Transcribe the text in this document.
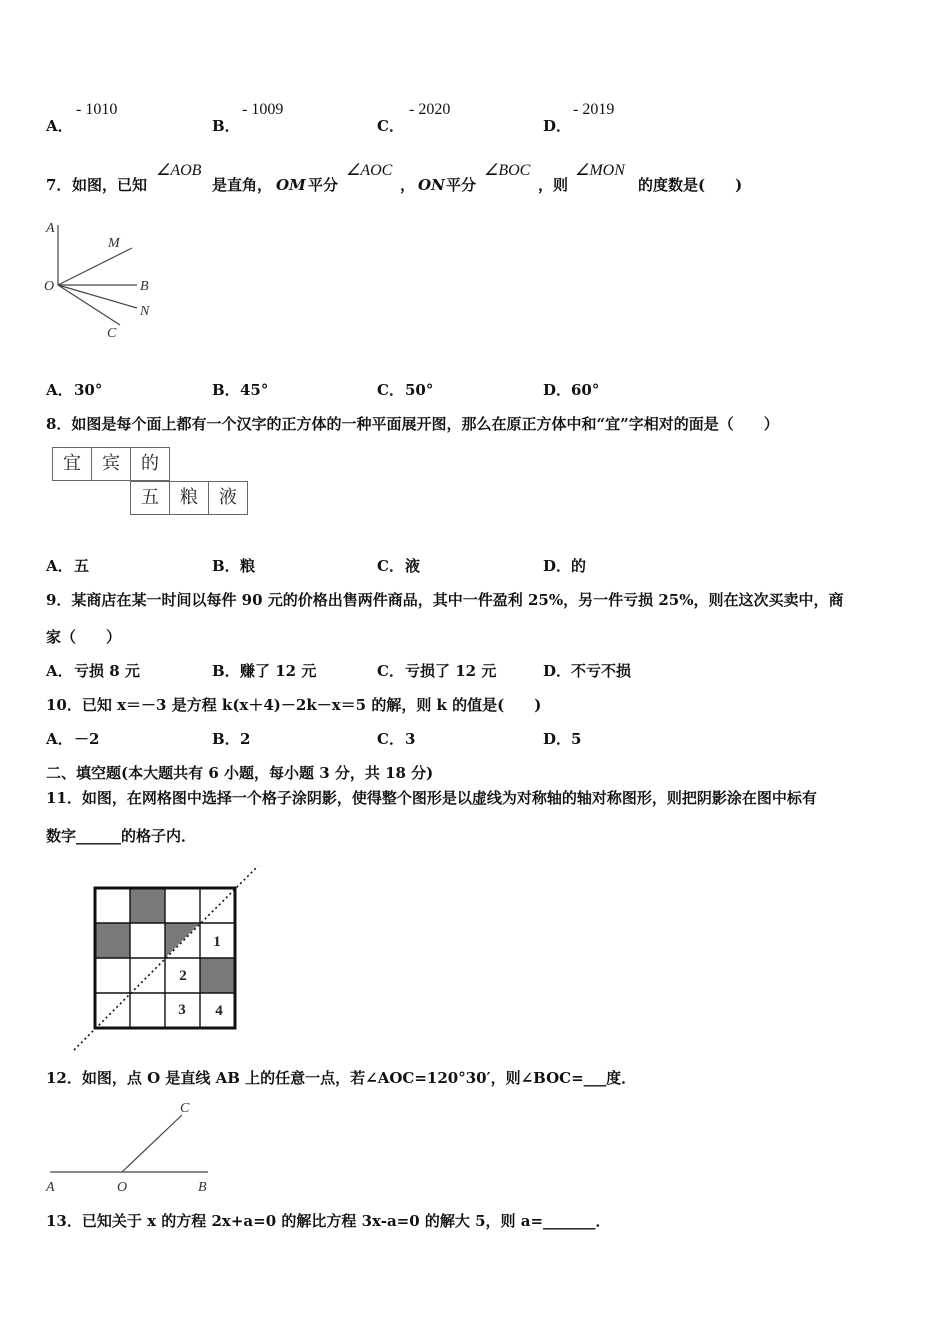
A．
- 1010
B．
- 1009
C．
- 2020
D．
- 2019
7． 如图，已知
∠AOB
是直角， OM 平分
∠AOC
， ON 平分
∠BOC
，则
∠MON
的度数是(　　)
A
M
O	B
N
C
A． 30°	B． 45°	C． 50°	D． 60°
8．如图是每个面上都有一个汉字的正方体的一种平面展开图，那么在原正方体中和“宜”字相对的面是（　　）
宜	宾	的
五	粮	液
A． 五	B． 粮	C． 液	D． 的
9．某商店在某一时间以每件 90 元的价格出售两件商品，其中一件盈利 25%，另一件亏损 25%，则在这次买卖中，商
家（　　）
A． 亏损 8 元	B． 赚了 12 元	C． 亏损了 12 元	D． 不亏不损
10．已知 x＝－3 是方程 k(x＋4)－2k－x＝5 的解，则 k 的值是(　　)
A． －2	B． 2	C． 3	D． 5
二、填空题(本大题共有 6 小题，每小题 3 分，共 18 分)
11．如图，在网格图中选择一个格子涂阴影，使得整个图形是以虚线为对称轴的轴对称图形，则把阴影涂在图中标有
数字______的格子内．
1
2
3 4
12．如图，点 O 是直线 AB 上的任意一点，若∠AOC=120°30′，则∠BOC=___度．
C
A	O	B
13．已知关于 x 的方程 2x+a=0 的解比方程 3x-a=0 的解大 5，则 a=_______．
